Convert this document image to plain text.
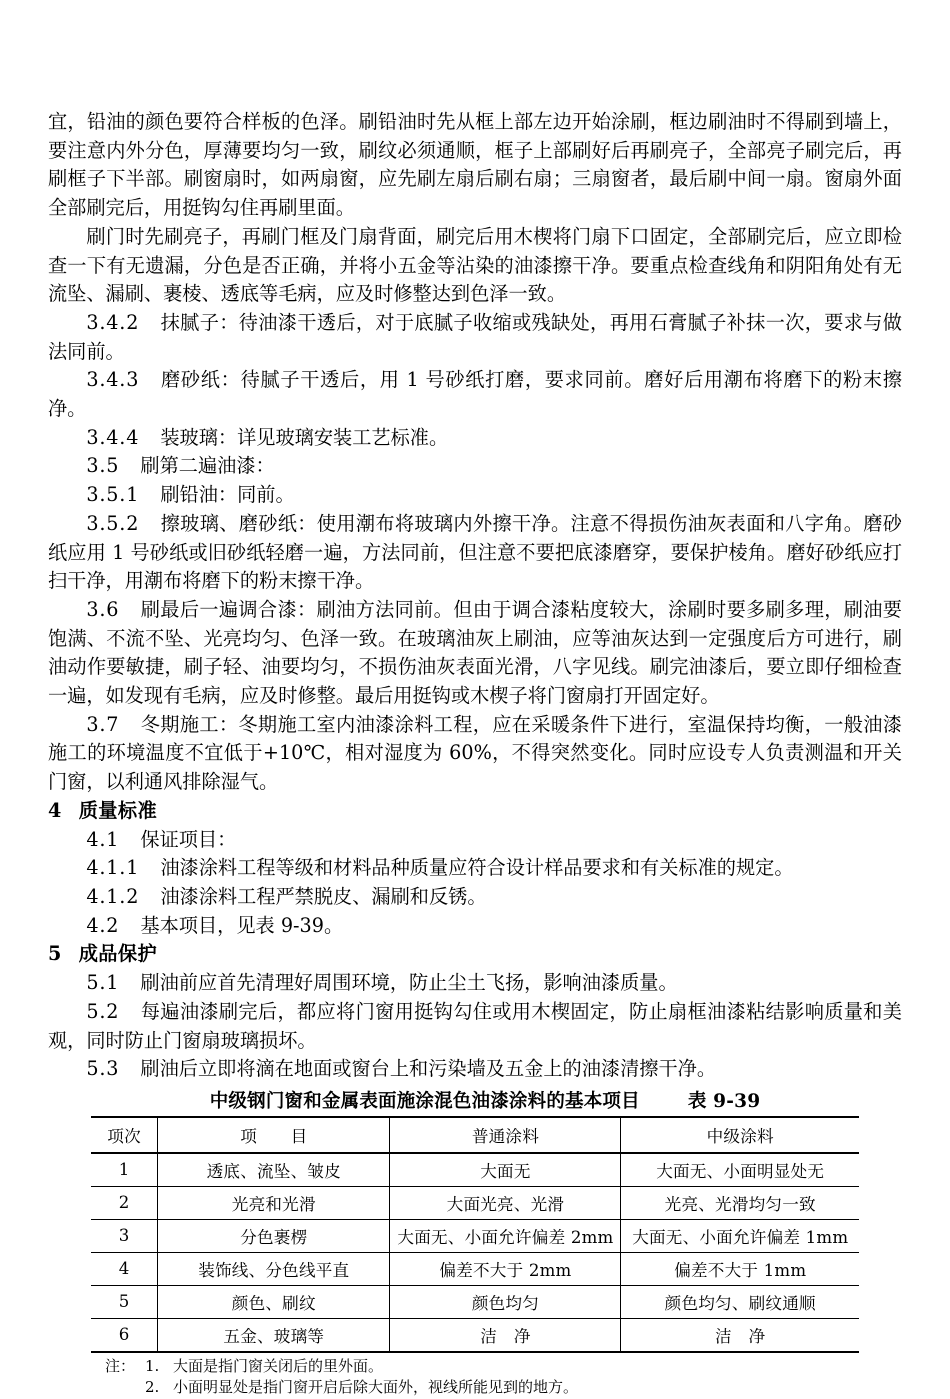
宜，铅油的颜色要符合样板的色泽。刷铅油时先从框上部左边开始涂刷，框边刷油时不得刷到墙上，要注意内外分色，厚薄要均匀一致，刷纹必须通顺，框子上部刷好后再刷亮子，全部亮子刷完后，再刷框子下半部。刷窗扇时，如两扇窗，应先刷左扇后刷右扇；三扇窗者，最后刷中间一扇。窗扇外面全部刷完后，用挺钩勾住再刷里面。

刷门时先刷亮子，再刷门框及门扇背面，刷完后用木楔将门扇下口固定，全部刷完后，应立即检查一下有无遗漏，分色是否正确，并将小五金等沾染的油漆擦干净。要重点检查线角和阴阳角处有无流坠、漏刷、裹棱、透底等毛病，应及时修整达到色泽一致。

3.4.2 抹腻子：待油漆干透后，对于底腻子收缩或残缺处，再用石膏腻子补抹一次，要求与做法同前。

3.4.3 磨砂纸：待腻子干透后，用 1 号砂纸打磨，要求同前。磨好后用潮布将磨下的粉末擦净。

3.4.4 装玻璃：详见玻璃安装工艺标准。

3.5 刷第二遍油漆：

3.5.1 刷铅油：同前。

3.5.2 擦玻璃、磨砂纸：使用潮布将玻璃内外擦干净。注意不得损伤油灰表面和八字角。磨砂纸应用 1 号砂纸或旧砂纸轻磨一遍，方法同前，但注意不要把底漆磨穿，要保护棱角。磨好砂纸应打扫干净，用潮布将磨下的粉末擦干净。

3.6 刷最后一遍调合漆：刷油方法同前。但由于调合漆粘度较大，涂刷时要多刷多理，刷油要饱满、不流不坠、光亮均匀、色泽一致。在玻璃油灰上刷油，应等油灰达到一定强度后方可进行，刷油动作要敏捷，刷子轻、油要均匀，不损伤油灰表面光滑，八字见线。刷完油漆后，要立即仔细检查一遍，如发现有毛病，应及时修整。最后用挺钩或木楔子将门窗扇打开固定好。

3.7 冬期施工：冬期施工室内油漆涂料工程，应在采暖条件下进行，室温保持均衡，一般油漆施工的环境温度不宜低于+10℃，相对湿度为 60%，不得突然变化。同时应设专人负责测温和开关门窗，以利通风排除湿气。

4 质量标准

4.1 保证项目：

4.1.1 油漆涂料工程等级和材料品种质量应符合设计样品要求和有关标准的规定。

4.1.2 油漆涂料工程严禁脱皮、漏刷和反锈。

4.2 基本项目，见表 9-39。

5 成品保护

5.1 刷油前应首先清理好周围环境，防止尘土飞扬，影响油漆质量。

5.2 每遍油漆刷完后，都应将门窗用挺钩勾住或用木楔固定，防止扇框油漆粘结影响质量和美观，同时防止门窗扇玻璃损坏。

5.3 刷油后立即将滴在地面或窗台上和污染墙及五金上的油漆清擦干净。

中级钢门窗和金属表面施涂混色油漆涂料的基本项目	表 9-39
项次	项　　目	普通涂料	中级涂料
1	透底、流坠、皱皮	大面无	大面无、小面明显处无
2	光亮和光滑	大面光亮、光滑	光亮、光滑均匀一致
3	分色裹楞	大面无、小面允许偏差 2mm	大面无、小面允许偏差 1mm
4	装饰线、分色线平直	偏差不大于 2mm	偏差不大于 1mm
5	颜色、刷纹	颜色均匀	颜色均匀、刷纹通顺
6	五金、玻璃等	洁　净	洁　净
注： 1. 大面是指门窗关闭后的里外面。
2. 小面明显处是指门窗开启后除大面外，视线所能见到的地方。
